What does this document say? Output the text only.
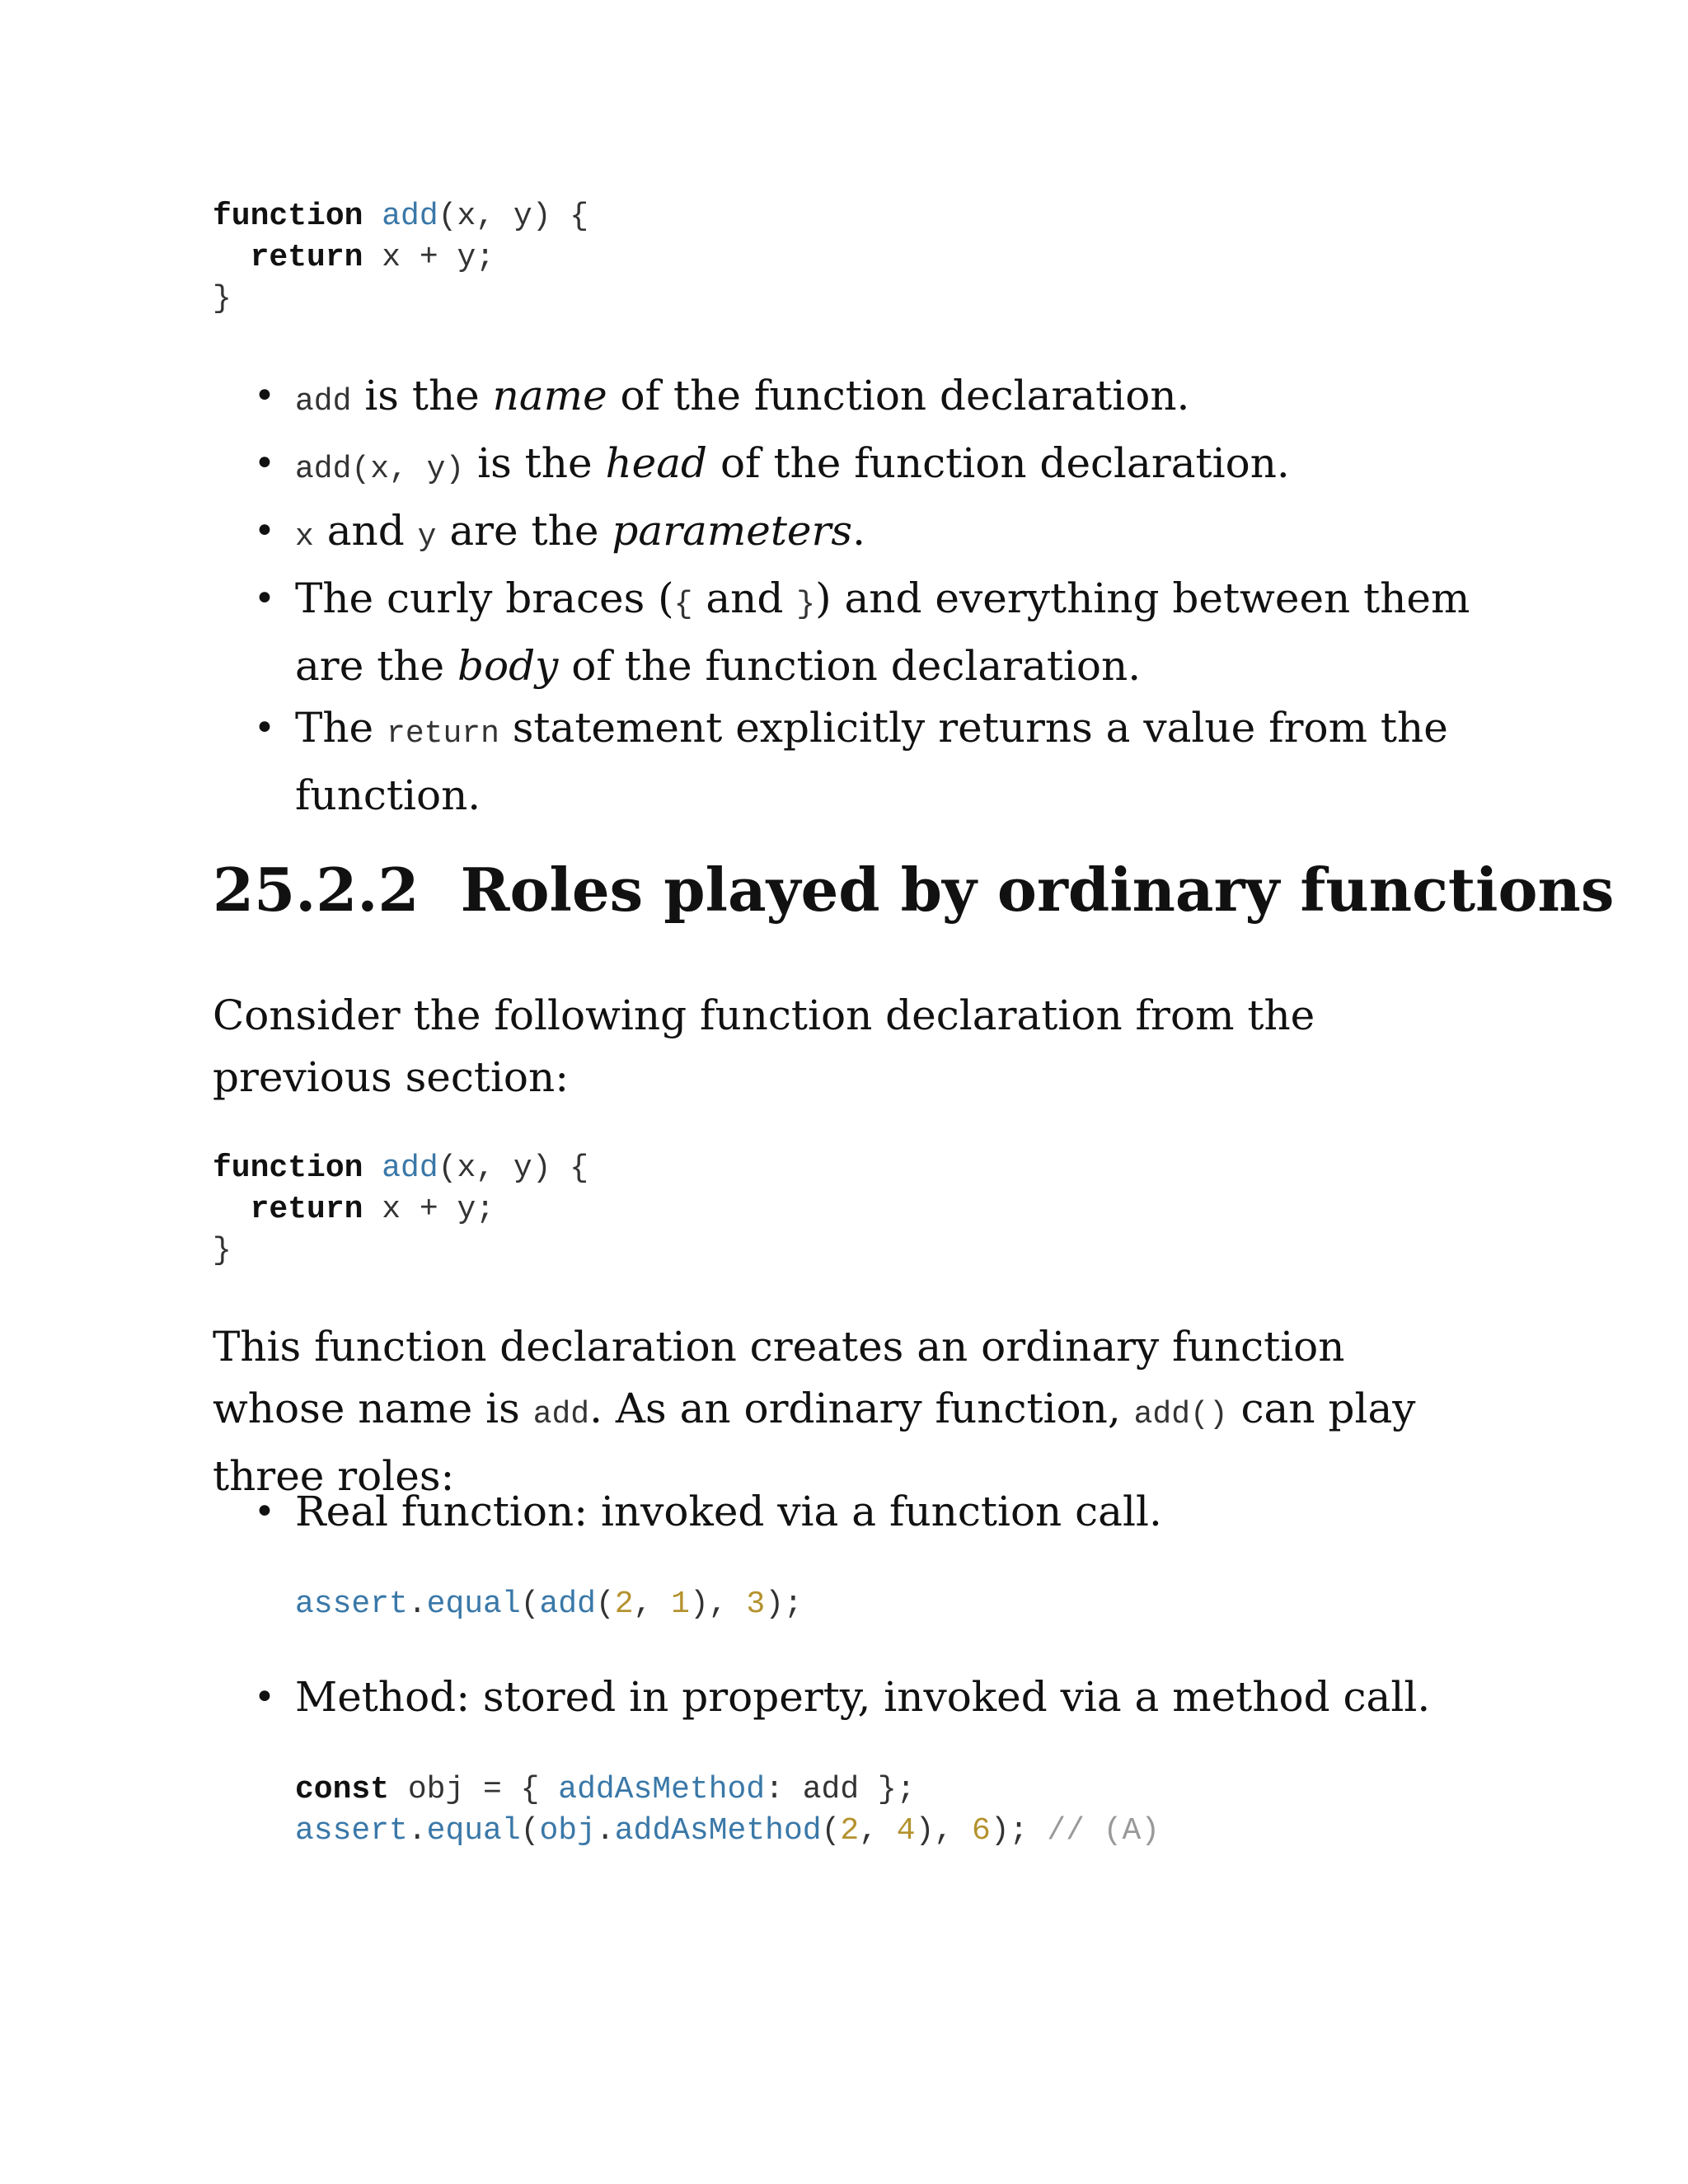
function add(x, y) {
return x + y;
}
• add is the name of the function declaration.
• add(x, y) is the head of the function declaration.
• x and y are the parameters.
• The curly braces ({ and }) and everything between them are the body of the function declaration.
• The return statement explicitly returns a value from the function.
25.2.2  Roles played by ordinary functions

Consider the following function declaration from the previous section:

function add(x, y) {
return x + y;
}

This function declaration creates an ordinary function whose name is add. As an ordinary function, add() can play three roles:

• Real function: invoked via a function call.
assert.equal(add(2, 1), 3);
• Method: stored in property, invoked via a method call.
const obj = { addAsMethod: add };
assert.equal(obj.addAsMethod(2, 4), 6); // (A)
